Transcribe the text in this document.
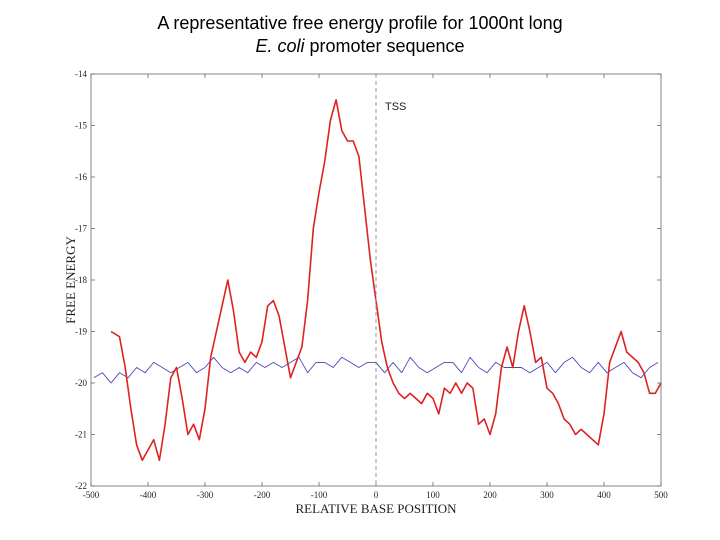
A representative free energy profile for 1000nt long
E. coli promoter sequence
-14
-15
-16
-17
-18
-19
-20
-21
-22
-500	-400	-300	-200	-100	0	100	200	300	400	500
TSS
RELATIVE BASE POSITION
FREE ENERGY
